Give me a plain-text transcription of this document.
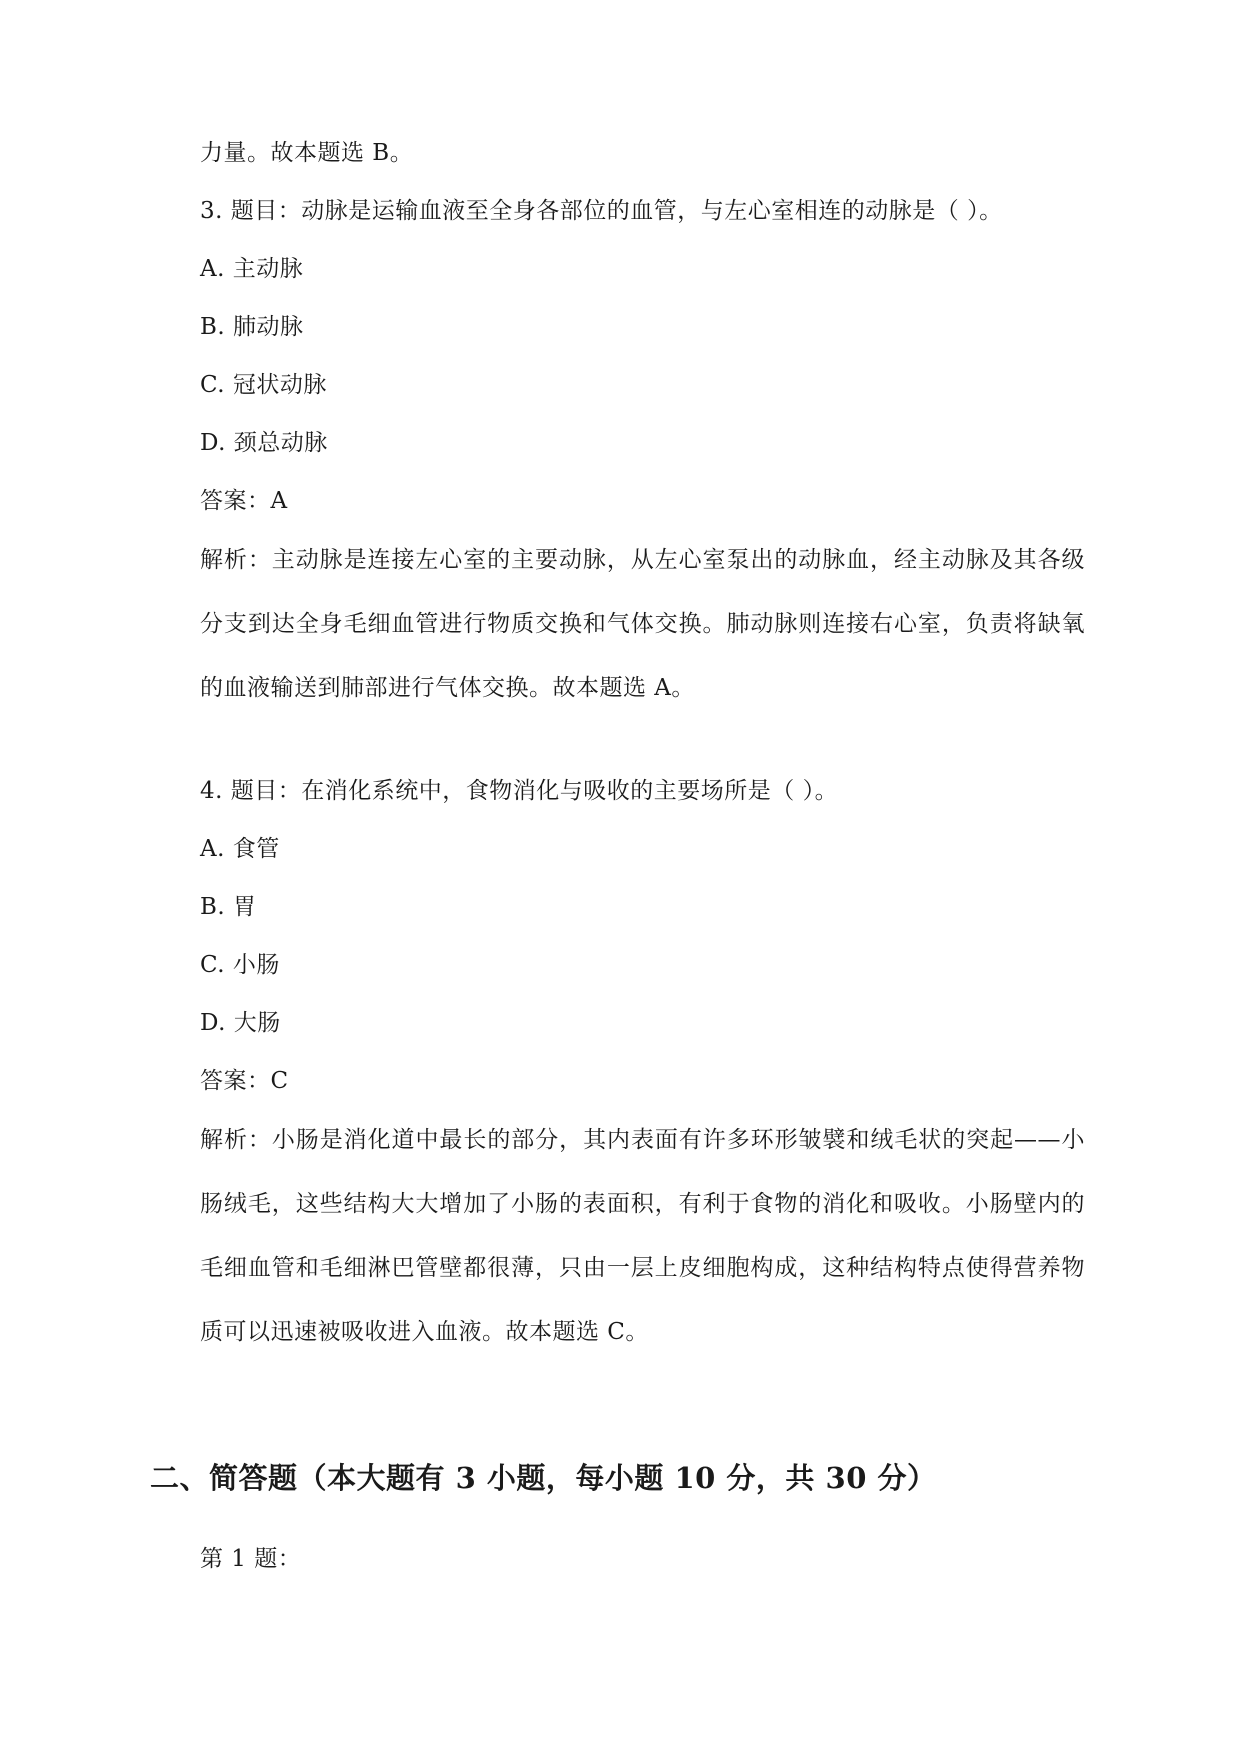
力量。故本题选 B。
3. 题目：动脉是运输血液至全身各部位的血管，与左心室相连的动脉是（ ）。
A. 主动脉
B. 肺动脉
C. 冠状动脉
D. 颈总动脉
答案：A
解析：主动脉是连接左心室的主要动脉，从左心室泵出的动脉血，经主动脉及其各级分支到达全身毛细血管进行物质交换和气体交换。肺动脉则连接右心室，负责将缺氧的血液输送到肺部进行气体交换。故本题选 A。
4. 题目：在消化系统中，食物消化与吸收的主要场所是（ ）。
A. 食管
B. 胃
C. 小肠
D. 大肠
答案：C
解析：小肠是消化道中最长的部分，其内表面有许多环形皱襞和绒毛状的突起——小肠绒毛，这些结构大大增加了小肠的表面积，有利于食物的消化和吸收。小肠壁内的毛细血管和毛细淋巴管壁都很薄，只由一层上皮细胞构成，这种结构特点使得营养物质可以迅速被吸收进入血液。故本题选 C。
二、简答题（本大题有 3 小题，每小题 10 分，共 30 分）
第 1 题：
